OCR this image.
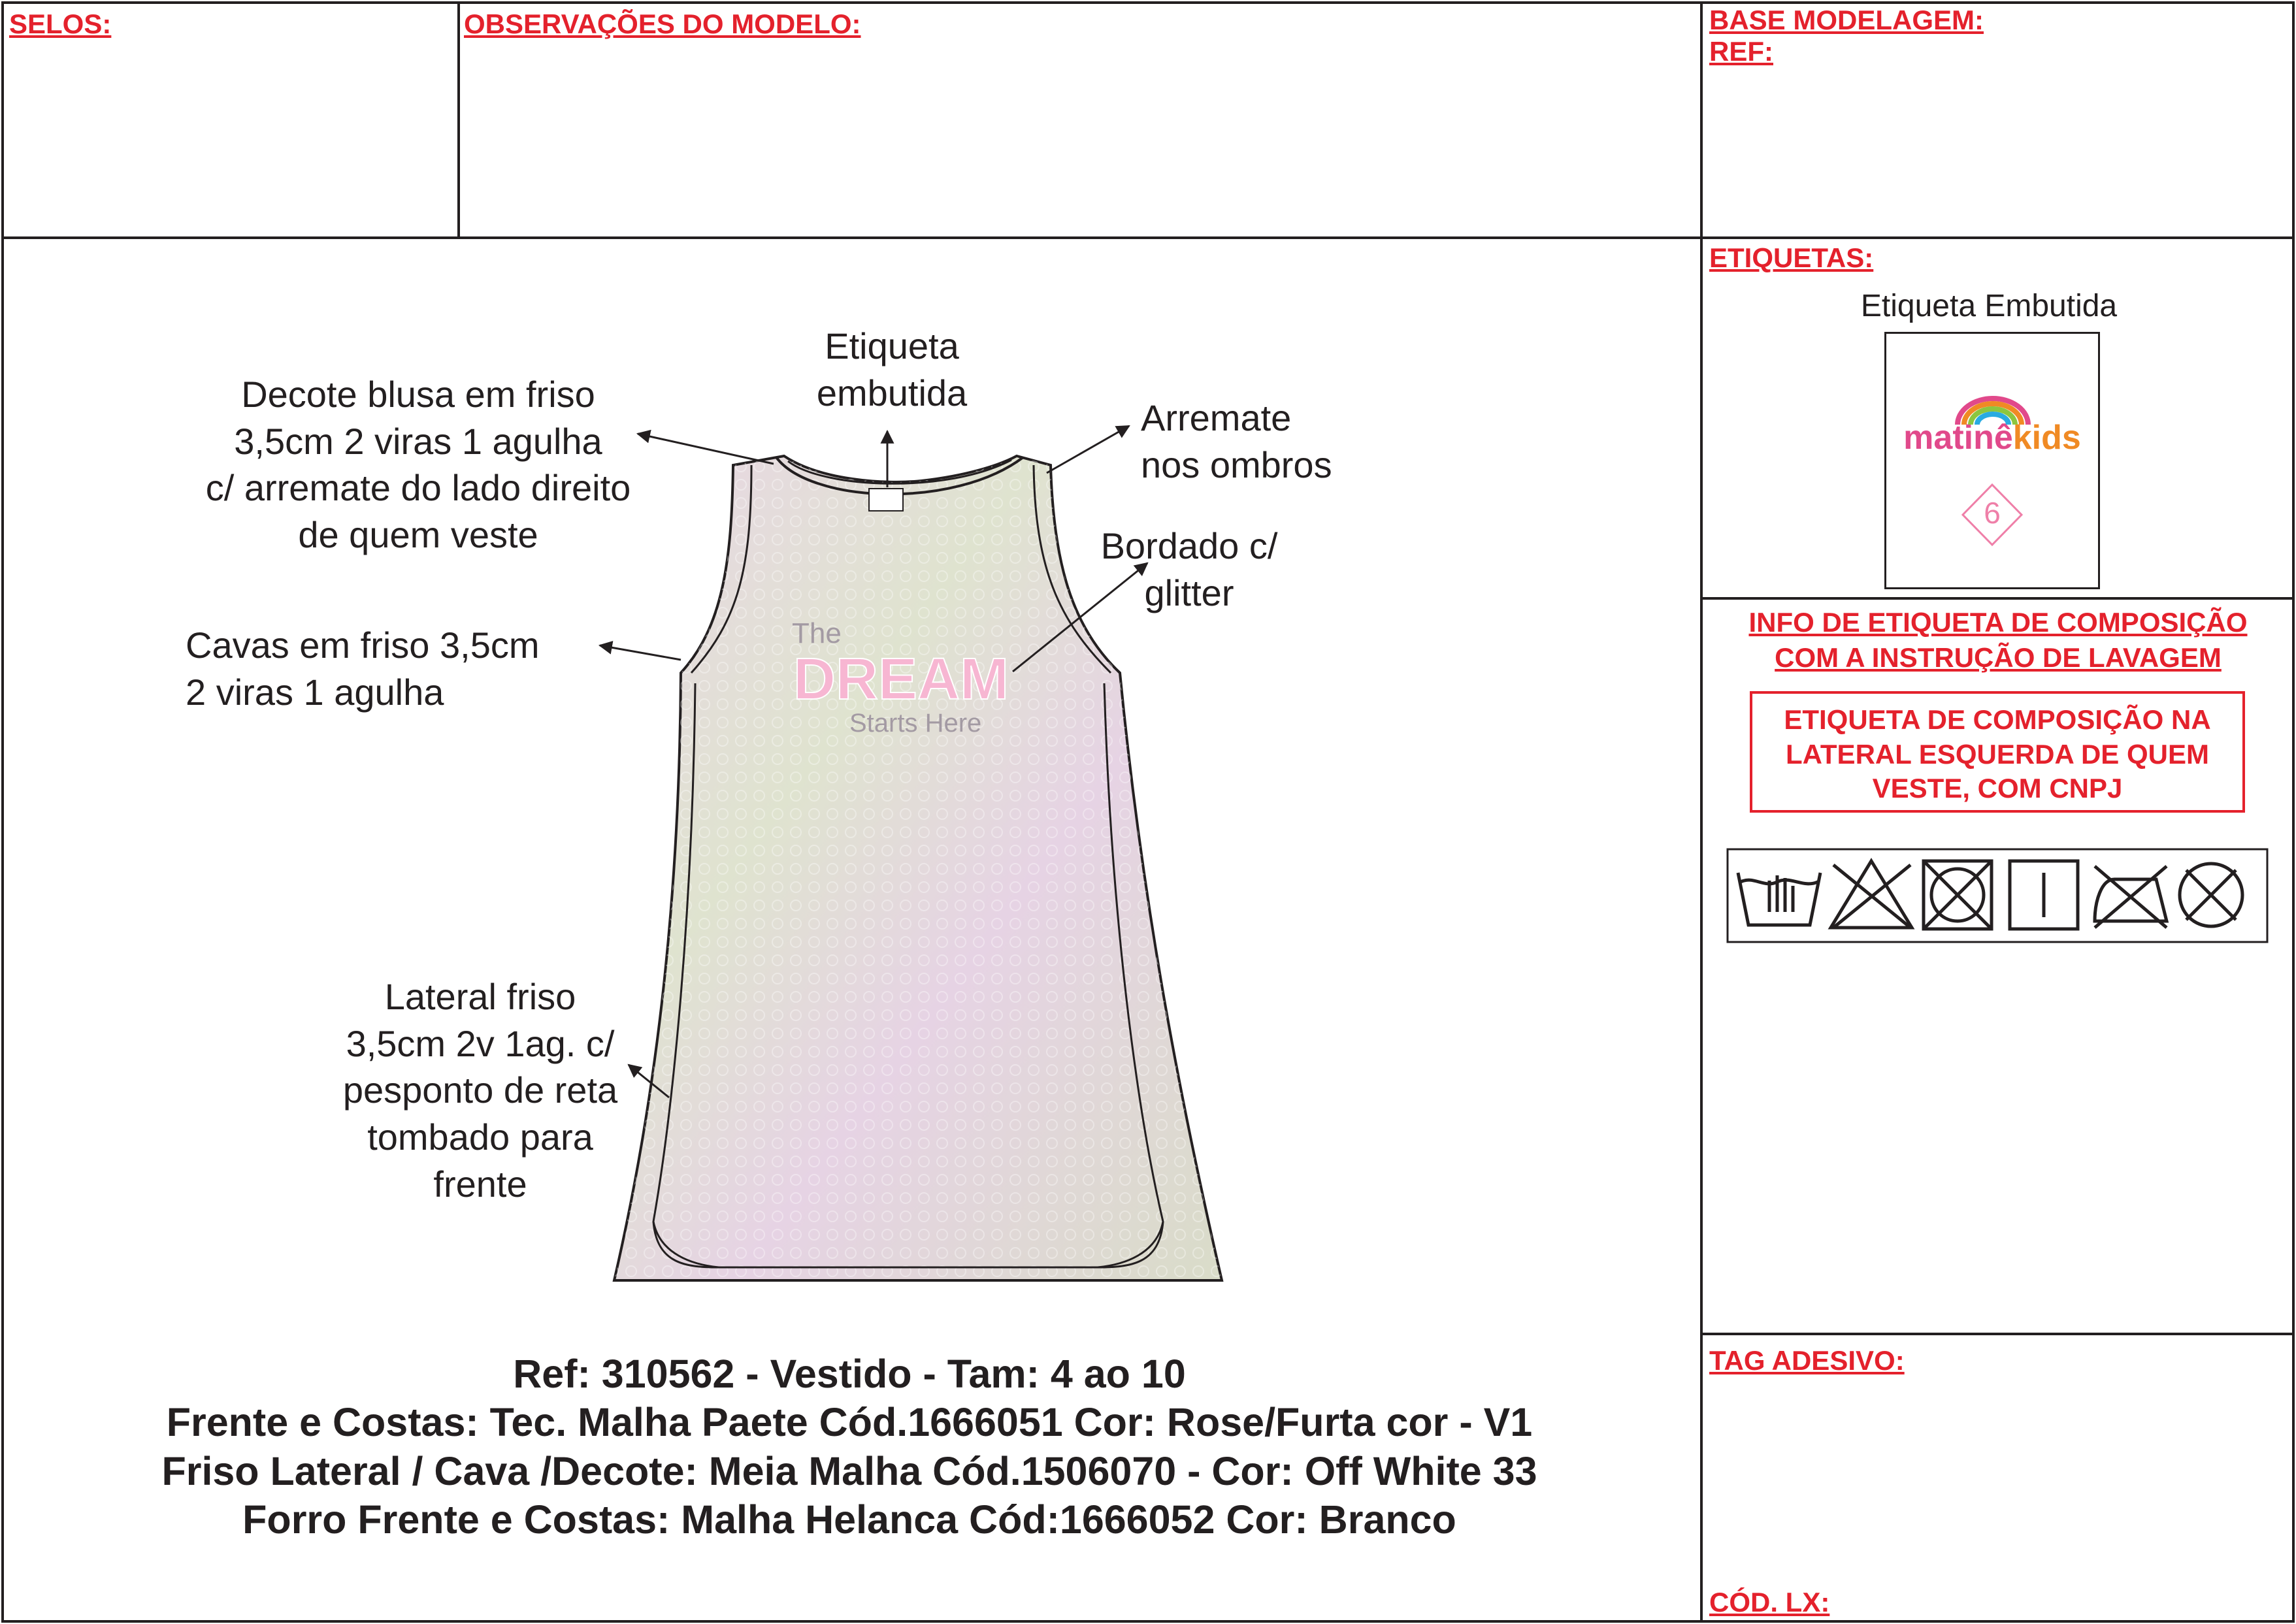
SELOS:	OBSERVAÇÕES DO MODELO:	BASE MODELAGEM:
REF:
ETIQUETAS:
Etiqueta Embutida
matinêkids
6
INFO DE ETIQUETA DE COMPOSIÇÃO
COM A INSTRUÇÃO DE LAVAGEM
ETIQUETA DE COMPOSIÇÃO NA
LATERAL ESQUERDA DE QUEM
VESTE, COM CNPJ
TAG ADESIVO:
CÓD. LX:
The
DREAM
Starts Here
Etiqueta
embutida
Decote blusa em friso
3,5cm 2 viras 1 agulha
c/ arremate do lado direito
de quem veste
Arremate
nos ombros
Bordado c/
glitter
Cavas em friso 3,5cm
2 viras 1 agulha
Lateral friso
3,5cm 2v 1ag. c/
pesponto de reta
tombado para
frente
Ref: 310562 - Vestido - Tam: 4 ao 10
Frente e Costas: Tec. Malha Paete Cód.1666051 Cor: Rose/Furta cor - V1
Friso Lateral / Cava /Decote: Meia Malha Cód.1506070 - Cor: Off White 33
Forro Frente e Costas: Malha Helanca Cód:1666052 Cor: Branco
